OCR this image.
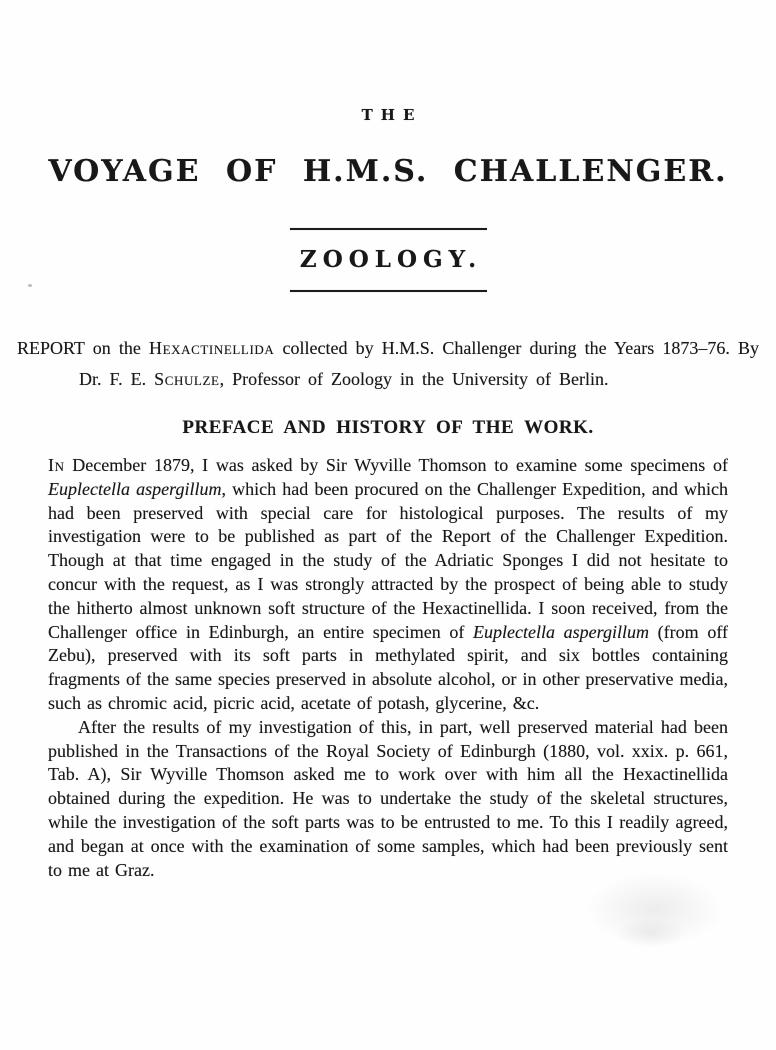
THE
VOYAGE OF H.M.S. CHALLENGER.
ZOOLOGY.

REPORT on the Hexactinellida collected by H.M.S. Challenger during the Years 1873–76. By Dr. F. E. Schulze, Professor of Zoology in the University of Berlin.

PREFACE AND HISTORY OF THE WORK.

In December 1879, I was asked by Sir Wyville Thomson to examine some specimens of Euplectella aspergillum, which had been procured on the Challenger Expedition, and which had been preserved with special care for histological purposes. The results of my investigation were to be published as part of the Report of the Challenger Expedition. Though at that time engaged in the study of the Adriatic Sponges I did not hesitate to concur with the request, as I was strongly attracted by the prospect of being able to study the hitherto almost unknown soft structure of the Hexactinellida. I soon received, from the Challenger office in Edinburgh, an entire specimen of Euplectella aspergillum (from off Zebu), preserved with its soft parts in methylated spirit, and six bottles containing fragments of the same species preserved in absolute alcohol, or in other preservative media, such as chromic acid, picric acid, acetate of potash, glycerine, &c.

After the results of my investigation of this, in part, well preserved material had been published in the Transactions of the Royal Society of Edinburgh (1880, vol. xxix. p. 661, Tab. A), Sir Wyville Thomson asked me to work over with him all the Hexactinellida obtained during the expedition. He was to undertake the study of the skeletal structures, while the investigation of the soft parts was to be entrusted to me. To this I readily agreed, and began at once with the examination of some samples, which had been previously sent to me at Graz.
